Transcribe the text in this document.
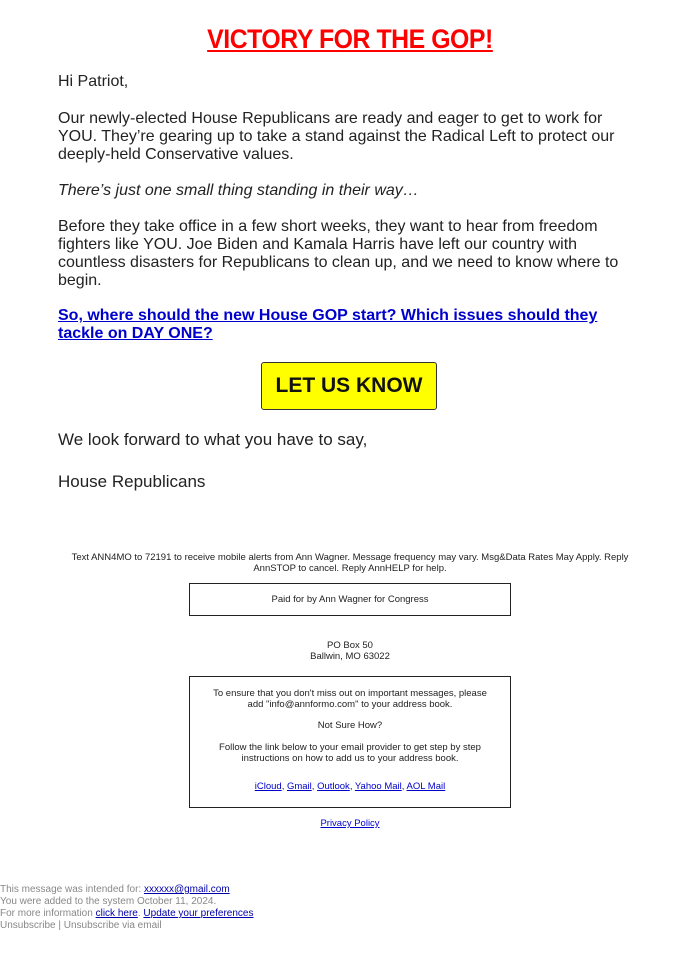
VICTORY FOR THE GOP!
Hi Patriot,
Our newly-elected House Republicans are ready and eager to get to work for YOU. They’re gearing up to take a stand against the Radical Left to protect our deeply-held Conservative values.
There’s just one small thing standing in their way…
Before they take office in a few short weeks, they want to hear from freedom fighters like YOU. Joe Biden and Kamala Harris have left our country with countless disasters for Republicans to clean up, and we need to know where to begin.
So, where should the new House GOP start? Which issues should they tackle on DAY ONE?
LET US KNOW
We look forward to what you have to say,
House Republicans
Text ANN4MO to 72191 to receive mobile alerts from Ann Wagner. Message frequency may vary. Msg&Data Rates May Apply. Reply AnnSTOP to cancel. Reply AnnHELP for help.
Paid for by Ann Wagner for Congress
PO Box 50
Ballwin, MO 63022

To ensure that you don't miss out on important messages, please add "info@annformo.com" to your address book.

Not Sure How?

Follow the link below to your email provider to get step by step instructions on how to add us to your address book.

iCloud, Gmail, Outlook, Yahoo Mail, AOL Mail

Privacy Policy
This message was intended for: xxxxxx@gmail.com
You were added to the system October 11, 2024.
For more information click here. Update your preferences
Unsubscribe | Unsubscribe via email
